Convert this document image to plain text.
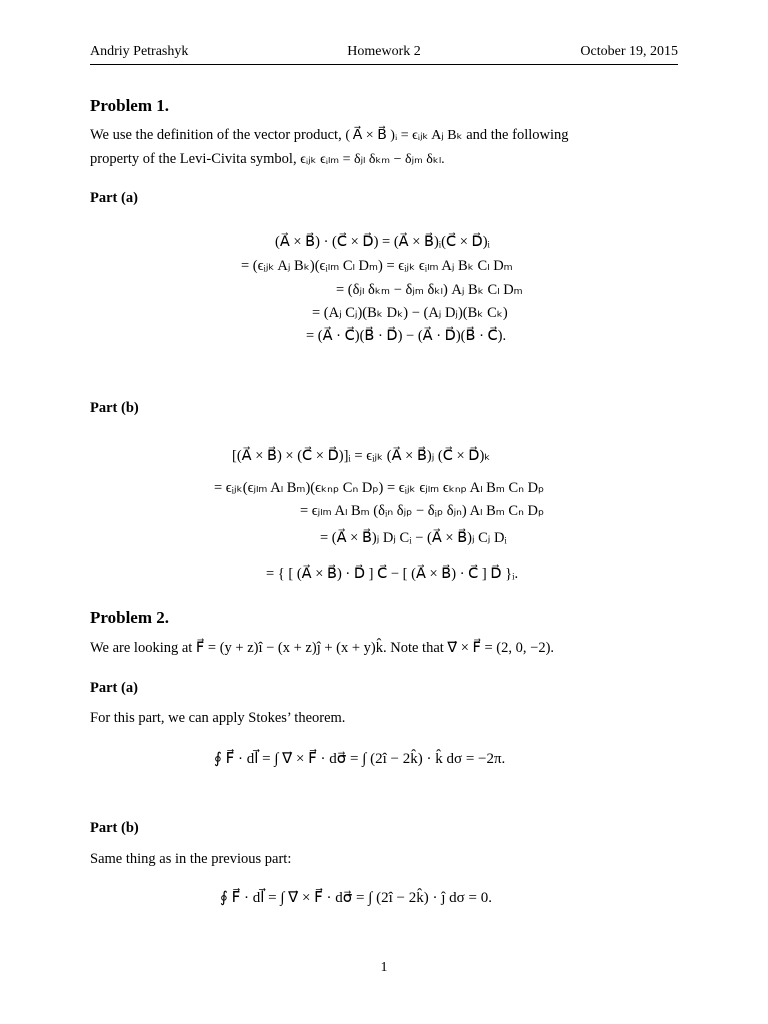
Andriy Petrashyk	Homework 2	October 19, 2015
Problem 1.
We use the definition of the vector product, ( A⃗ × B⃗ )ᵢ = ϵᵢⱼₖ Aⱼ Bₖ and the following
property of the Levi-Civita symbol, ϵᵢⱼₖ ϵᵢₗₘ = δⱼₗ δₖₘ − δⱼₘ δₖₗ.
Part (a)
(A⃗ × B⃗) · (C⃗ × D⃗) = (A⃗ × B⃗)ᵢ(C⃗ × D⃗)ᵢ
= (ϵᵢⱼₖ Aⱼ Bₖ)(ϵᵢₗₘ Cₗ Dₘ) = ϵᵢⱼₖ ϵᵢₗₘ Aⱼ Bₖ Cₗ Dₘ
= (δⱼₗ δₖₘ − δⱼₘ δₖₗ) Aⱼ Bₖ Cₗ Dₘ
= (Aⱼ Cⱼ)(Bₖ Dₖ) − (Aⱼ Dⱼ)(Bₖ Cₖ)
= (A⃗ · C⃗)(B⃗ · D⃗) − (A⃗ · D⃗)(B⃗ · C⃗).
Part (b)
[(A⃗ × B⃗) × (C⃗ × D⃗)]ᵢ = ϵᵢⱼₖ (A⃗ × B⃗)ⱼ (C⃗ × D⃗)ₖ
= ϵᵢⱼₖ(ϵⱼₗₘ Aₗ Bₘ)(ϵₖₙₚ Cₙ Dₚ) = ϵᵢⱼₖ ϵⱼₗₘ ϵₖₙₚ Aₗ Bₘ Cₙ Dₚ
= ϵⱼₗₘ Aₗ Bₘ (δᵢₙ δⱼₚ − δᵢₚ δⱼₙ) Aₗ Bₘ Cₙ Dₚ
= (A⃗ × B⃗)ⱼ Dⱼ Cᵢ − (A⃗ × B⃗)ⱼ Cⱼ Dᵢ
= { [ (A⃗ × B⃗) · D⃗ ] C⃗ − [ (A⃗ × B⃗) · C⃗ ] D⃗ }ᵢ.
Problem 2.
We are looking at F⃗ = (y + z)î − (x + z)ĵ + (x + y)k̂. Note that ∇⃗ × F⃗ = (2, 0, −2).
Part (a)
For this part, we can apply Stokes’ theorem.
∮ F⃗ · dl⃗ = ∫ ∇⃗ × F⃗ · dσ⃗ = ∫ (2î − 2k̂) · k̂ dσ = −2π.
Part (b)
Same thing as in the previous part:
∮ F⃗ · dl⃗ = ∫ ∇⃗ × F⃗ · dσ⃗ = ∫ (2î − 2k̂) · ĵ dσ = 0.
1
